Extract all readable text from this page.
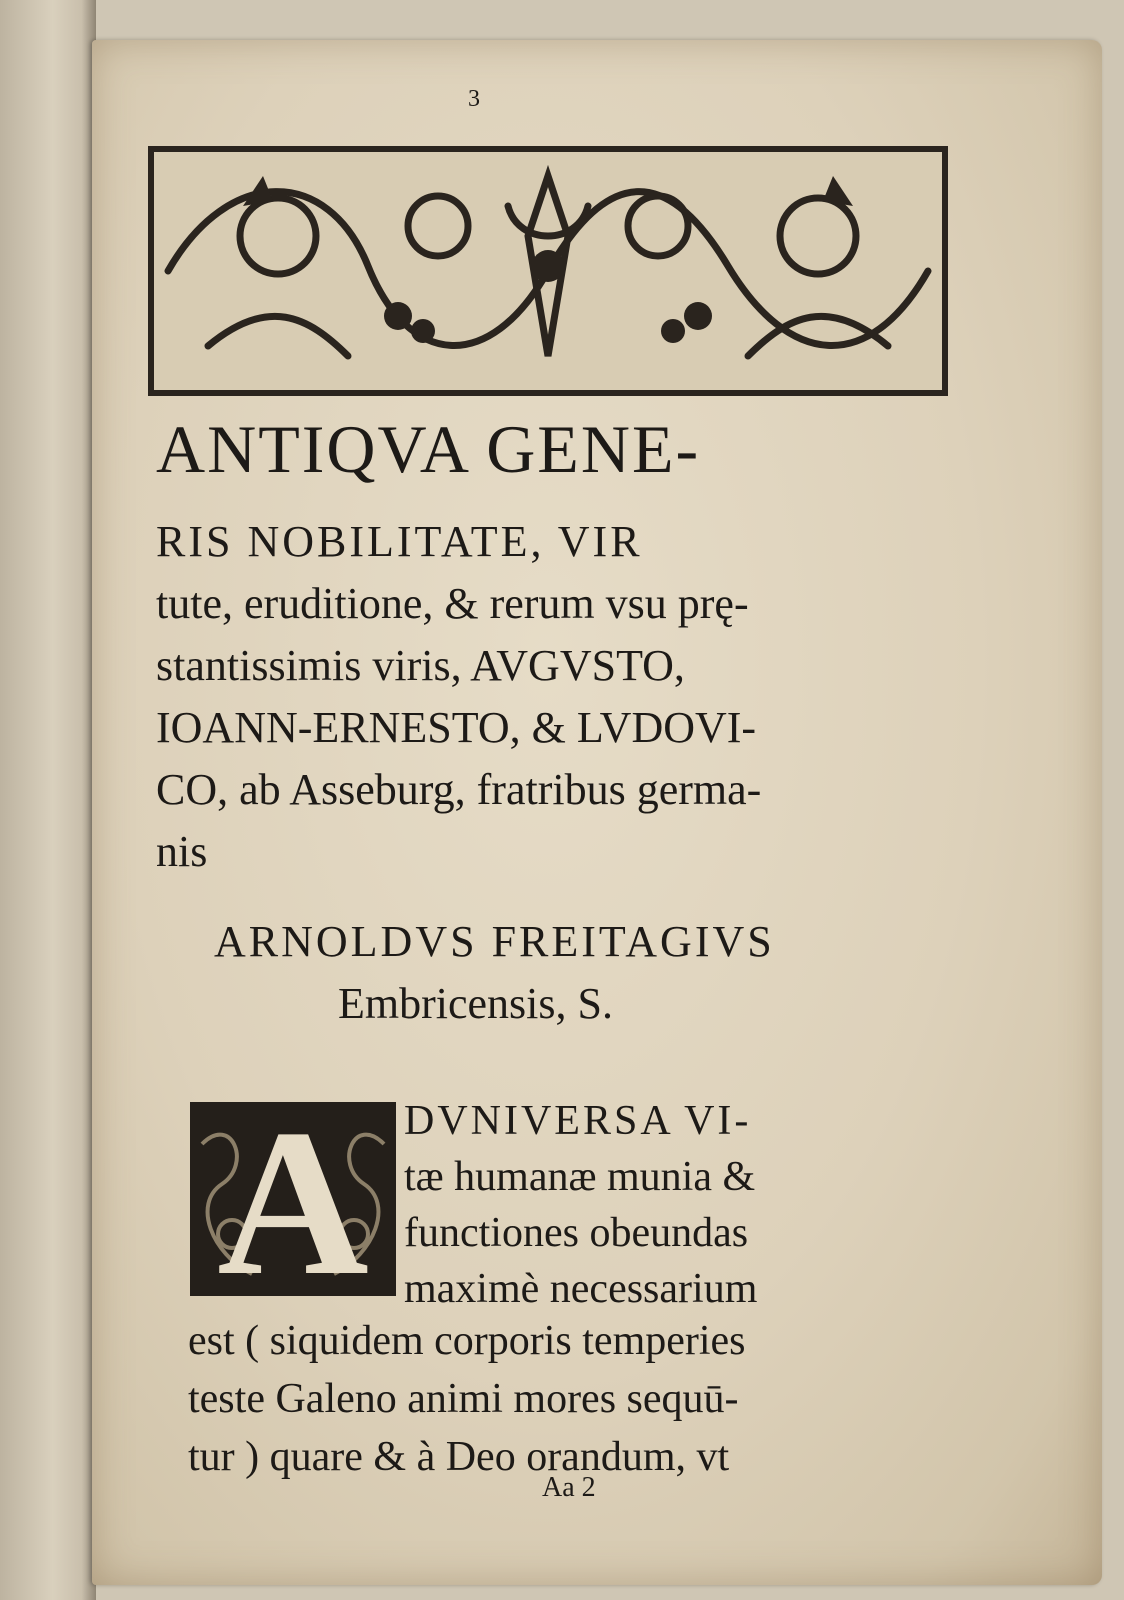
3
ANTIQVA GENE-
RIS NOBILITATE, VIR
tute, eruditione, & rerum vsu prę-
stantissimis viris, AVGVSTO,
IOANN-ERNESTO, & LVDOVI-
CO, ab Asseburg, fratribus germa-
nis
ARNOLDVS FREITAGIVS
Embricensis, S.
A DVNIVERSA VI-
tæ humanæ munia &
functiones obeundas
maximè necessarium
est ( siquidem corporis temperies
teste Galeno animi mores sequū-
tur ) quare & à Deo orandum, vt
Aa 2
